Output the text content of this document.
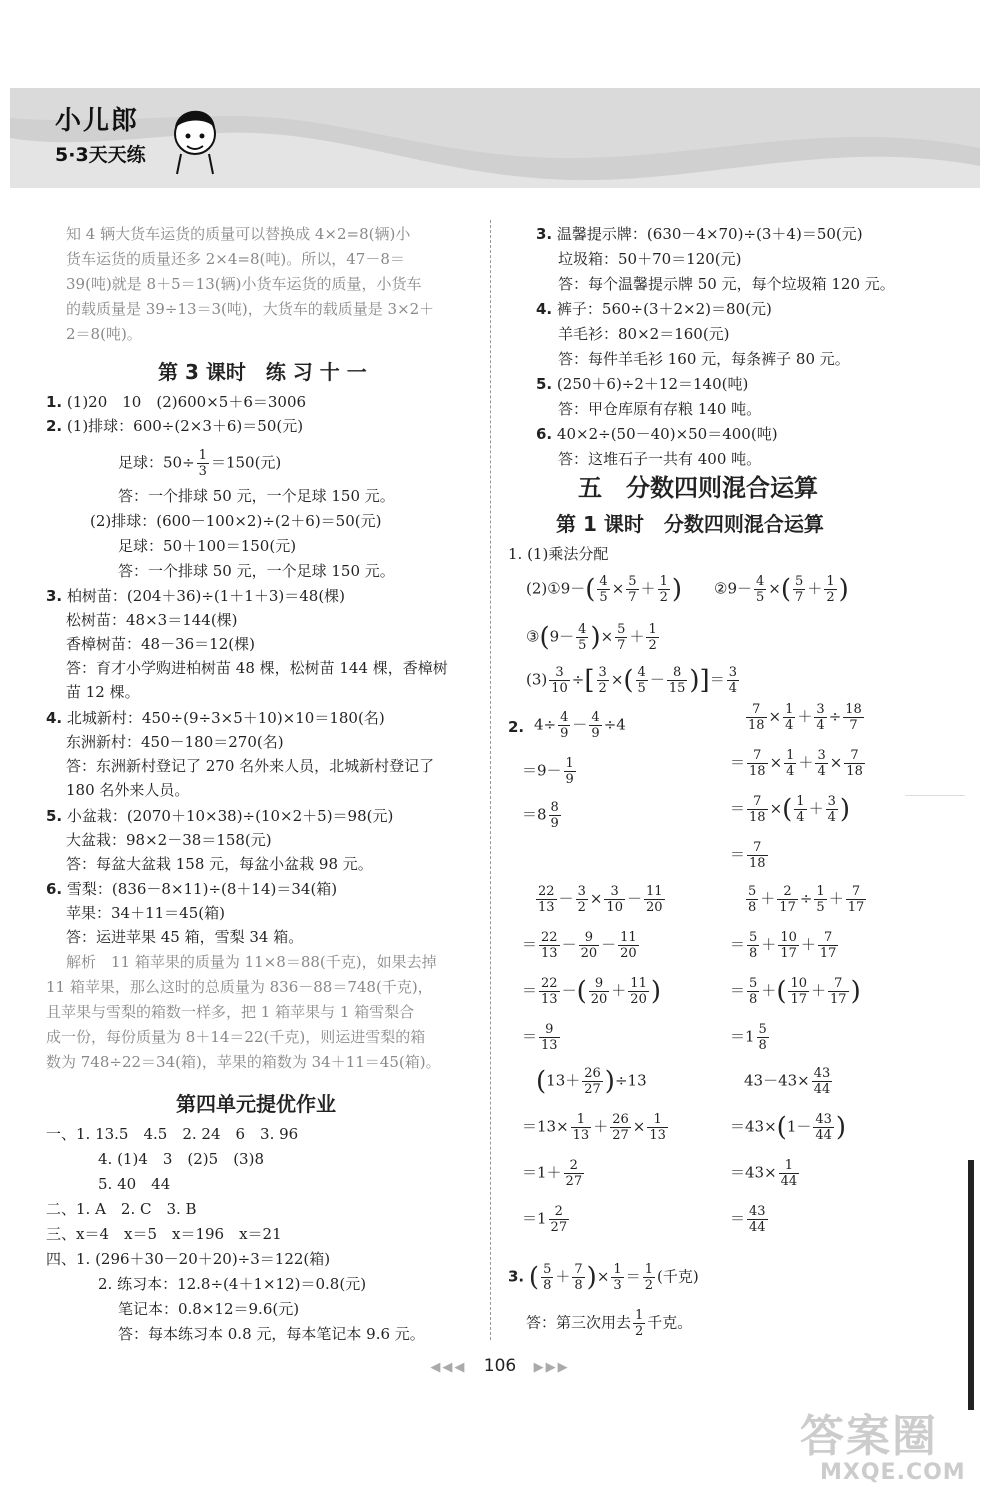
小儿郎
5·3天天练
知 4 辆大货车运货的质量可以替换成 4×2=8(辆)小
货车运货的质量还多 2×4=8(吨)。所以，47－8＝
39(吨)就是 8＋5＝13(辆)小货车运货的质量，小货车
的载质量是 39÷13＝3(吨)，大货车的载质量是 3×2＋
2＝8(吨)。
第 3 课时　练 习 十 一
1. (1)20　10　(2)600×5＋6＝3006
2. (1)排球：600÷(2×3＋6)＝50(元)
足球：$50\div \frac{1}{3} =150$(元)
答：一个排球 50 元，一个足球 150 元。
(2)排球：(600－100×2)÷(2＋6)＝50(元)
足球：50＋100＝150(元)
答：一个排球 50 元，一个足球 150 元。
3. 柏树苗：(204＋36)÷(1＋1＋3)＝48(棵)
松树苗：48×3＝144(棵)
香樟树苗：48－36＝12(棵)
答：育才小学购进柏树苗 48 棵，松树苗 144 棵，香樟树
苗 12 棵。
4. 北城新村：450÷(9÷3×5＋10)×10＝180(名)
东洲新村：450－180＝270(名)
答：东洲新村登记了 270 名外来人员，北城新村登记了
180 名外来人员。
5. 小盆栽：(2070＋10×38)÷(10×2＋5)＝98(元)
大盆栽：98×2－38＝158(元)
答：每盆大盆栽 158 元，每盆小盆栽 98 元。
6. 雪梨：(836－8×11)÷(8＋14)＝34(箱)
苹果：34＋11＝45(箱)
答：运进苹果 45 箱，雪梨 34 箱。
解析　11 箱苹果的质量为 11×8＝88(千克)，如果去掉
11 箱苹果，那么这时的总质量为 836－88＝748(千克)，
且苹果与雪梨的箱数一样多，把 1 箱苹果与 1 箱雪梨合
成一份，每份质量为 8＋14＝22(千克)，则运进雪梨的箱
数为 748÷22＝34(箱)，苹果的箱数为 34＋11＝45(箱)。
第四单元提优作业
一、1. 13.5　4.5　2. 24　6　3. 96
4. (1)4　3　(2)5　(3)8
5. 40　44
二、1. A　2. C　3. B
三、x＝4　x＝5　x＝196　x＝21
四、1. (296＋30－20＋20)÷3＝122(箱)
2. 练习本：12.8÷(4＋1×12)＝0.8(元)
笔记本：0.8×12＝9.6(元)
答：每本练习本 0.8 元，每本笔记本 9.6 元。
3. 温馨提示牌：(630－4×70)÷(3＋4)＝50(元)
垃圾箱：50＋70＝120(元)
答：每个温馨提示牌 50 元，每个垃圾箱 120 元。
4. 裤子：560÷(3＋2×2)＝80(元)
羊毛衫：80×2＝160(元)
答：每件羊毛衫 160 元，每条裤子 80 元。
5. (250＋6)÷2＋12＝140(吨)
答：甲仓库原有存粮 140 吨。
6. 40×2÷(50－40)×50＝400(吨)
答：这堆石子一共有 400 吨。
五　分数四则混合运算
第 1 课时　分数四则混合运算
1. (1)乘法分配
(2)①9－( $\frac{4}{5} \times \frac{5}{7} + \frac{1}{2}$ ) ②9－ $\frac{4}{5}$ ×( $\frac{5}{7} + \frac{1}{2}$ )
③(9－ $\frac{4}{5}$ )× $\frac{5}{7} + \frac{1}{2}$
$(3) \frac{3}{10}$ ÷[ $\frac{3}{2}$ ×( $\frac{4}{5} - \frac{8}{15}$ )]＝ $\frac{3}{4}$
2. $4\div \frac{4}{9} - \frac{4}{9} \div 4$
$=9- \frac{1}{9}$
$=8 \frac{8}{9}$
$\frac{7}{18} \times \frac{1}{4} + \frac{3}{4} \div \frac{18}{7}$
＝ $\frac{7}{18} \times \frac{1}{4} + \frac{3}{4} \times \frac{7}{18}$
＝ $\frac{7}{18}$ ×( $\frac{1}{4} + \frac{3}{4}$ )
＝ $\frac{7}{18}$
$\frac{22}{13} - \frac{3}{2} \times \frac{3}{10} - \frac{11}{20}$
＝ $\frac{22}{13} - \frac{9}{20} - \frac{11}{20}$
＝ $\frac{22}{13}$ －( $\frac{9}{20} + \frac{11}{20}$ )
＝ $\frac{9}{13}$
$\frac{5}{8} + \frac{2}{17} \div \frac{1}{5} + \frac{7}{17}$
＝ $\frac{5}{8} + \frac{10}{17} + \frac{7}{17}$
＝ $\frac{5}{8}$ ＋( $\frac{10}{17} + \frac{7}{17}$ )
$=1 \frac{5}{8}$
$(13+ \frac{26}{27} )\div 13$
$=13\times \frac{1}{13} + \frac{26}{27} \times \frac{1}{13}$
$=1+ \frac{2}{27}$
$=1 \frac{2}{27}$
$43-43\times \frac{43}{44}$
$=43\times(1- \frac{43}{44}$ )
$=43\times \frac{1}{44}$
＝ $\frac{43}{44}$
3. ( $\frac{5}{8} + \frac{7}{8}$ )× $\frac{1}{3} = \frac{1}{2}$ (千克)
答：第三次用去 $\frac{1}{2}$ 千克。
◀◀◀ 106 ▶▶▶
答案圈
MXQE.COM
